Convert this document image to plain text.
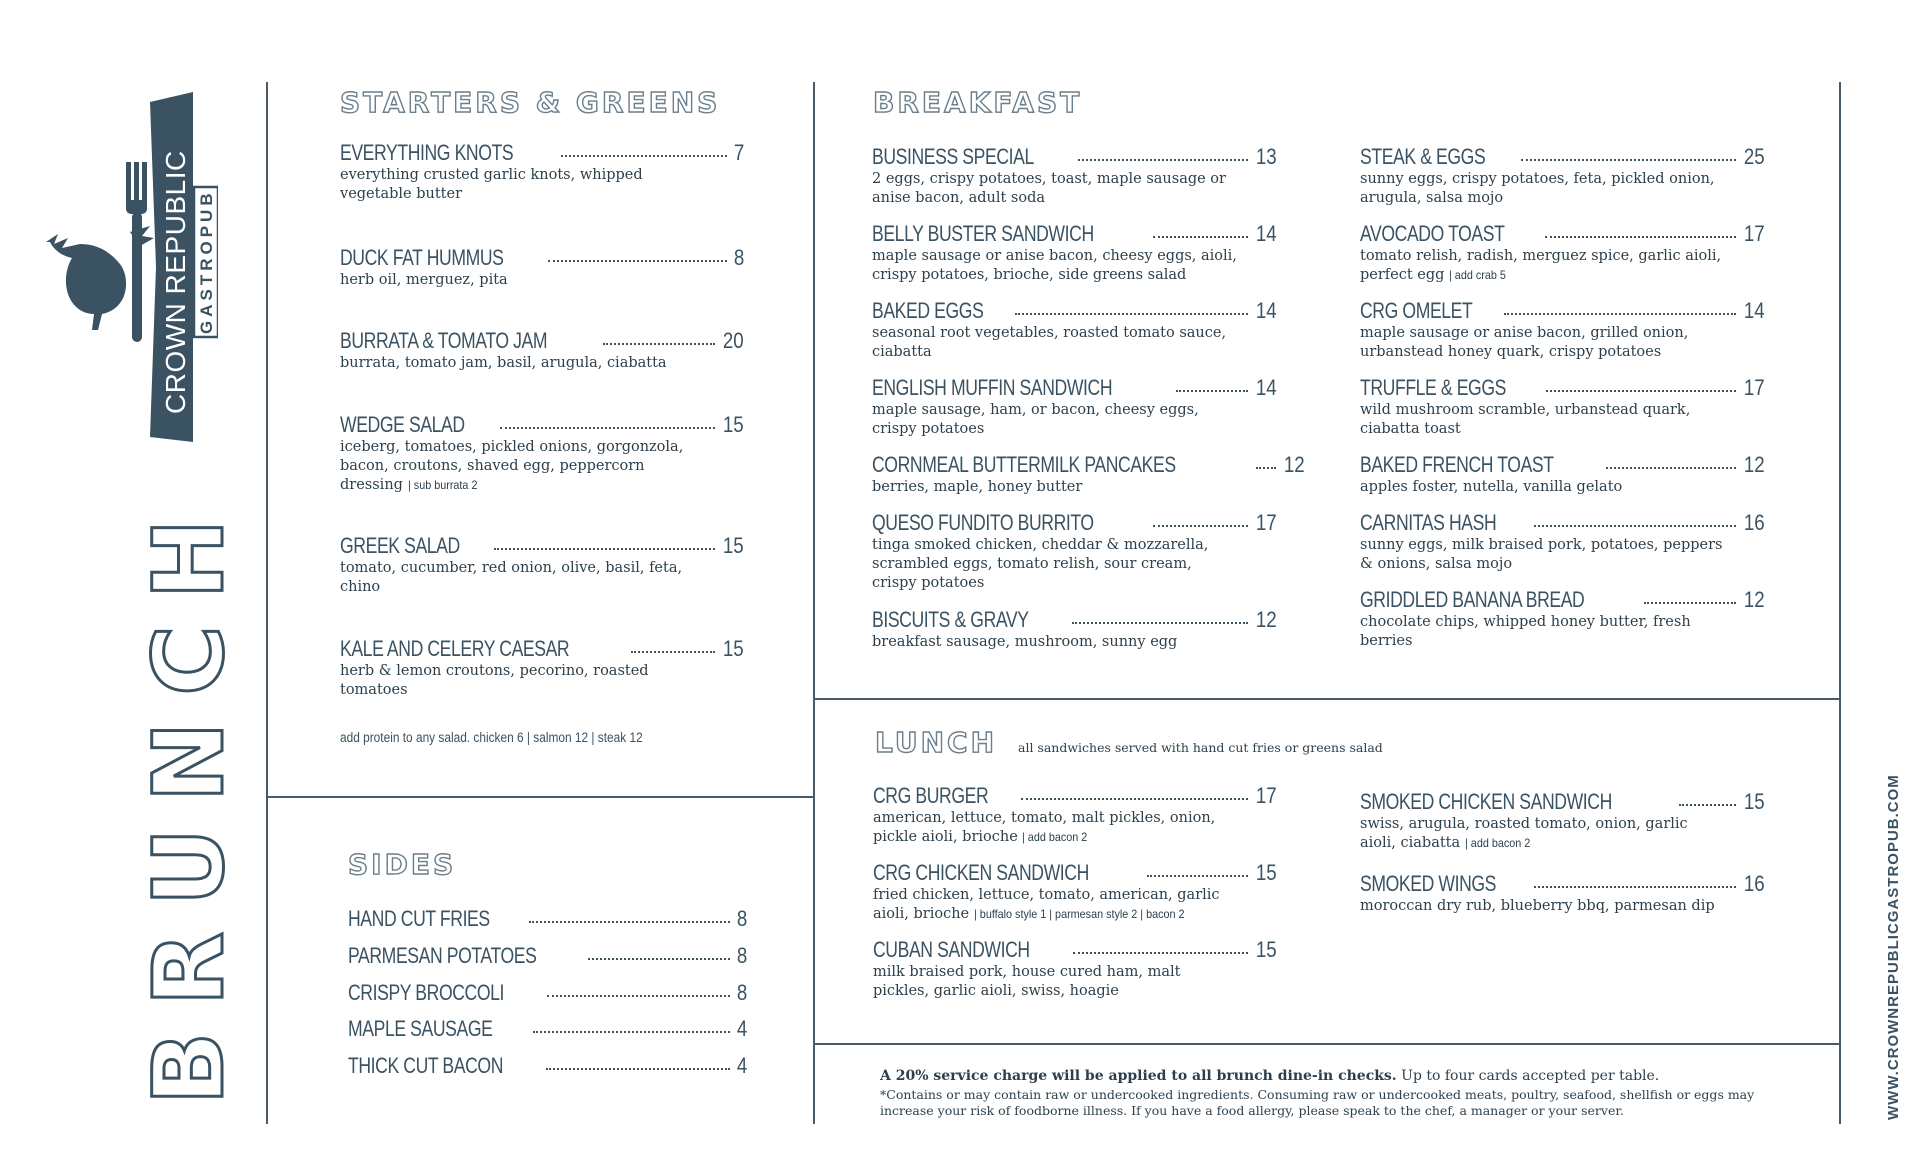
CROWN REPUBLIC GASTROPUB
BRUNCH	WWW.CROWNREPUBLICGASTROPUB.COM
STARTERS & GREENS
EVERYTHING KNOTS	7
everything crusted garlic knots, whipped vegetable butter
DUCK FAT HUMMUS	8
herb oil, merguez, pita
BURRATA & TOMATO JAM	20
burrata, tomato jam, basil, arugula, ciabatta
WEDGE SALAD	15
iceberg, tomatoes, pickled onions, gorgonzola, bacon, croutons, shaved egg, peppercorn dressing | sub burrata 2
GREEK SALAD	15
tomato, cucumber, red onion, olive, basil, feta, chino
KALE AND CELERY CAESAR	15
herb & lemon croutons, pecorino, roasted tomatoes
add protein to any salad. chicken 6 | salmon 12 | steak 12
SIDES
HAND CUT FRIES	8
PARMESAN POTATOES	8
CRISPY BROCCOLI	8
MAPLE SAUSAGE	4
THICK CUT BACON	4
BREAKFAST
BUSINESS SPECIAL	13
2 eggs, crispy potatoes, toast, maple sausage or anise bacon, adult soda
BELLY BUSTER SANDWICH	14
maple sausage or anise bacon, cheesy eggs, aioli, crispy potatoes, brioche, side greens salad
BAKED EGGS	14
seasonal root vegetables, roasted tomato sauce, ciabatta
ENGLISH MUFFIN SANDWICH	14
maple sausage, ham, or bacon, cheesy eggs, crispy potatoes
CORNMEAL BUTTERMILK PANCAKES	12
berries, maple, honey butter
QUESO FUNDITO BURRITO	17
tinga smoked chicken, cheddar & mozzarella, scrambled eggs, tomato relish, sour cream, crispy potatoes
BISCUITS & GRAVY	12
breakfast sausage, mushroom, sunny egg
STEAK & EGGS	25
sunny eggs, crispy potatoes, feta, pickled onion, arugula, salsa mojo
AVOCADO TOAST	17
tomato relish, radish, merguez spice, garlic aioli, perfect egg | add crab 5
CRG OMELET	14
maple sausage or anise bacon, grilled onion, urbanstead honey quark, crispy potatoes
TRUFFLE & EGGS	17
wild mushroom scramble, urbanstead quark, ciabatta toast
BAKED FRENCH TOAST	12
apples foster, nutella, vanilla gelato
CARNITAS HASH	16
sunny eggs, milk braised pork, potatoes, peppers & onions, salsa mojo
GRIDDLED BANANA BREAD	12
chocolate chips, whipped honey butter, fresh berries
LUNCH all sandwiches served with hand cut fries or greens salad
CRG BURGER	17
american, lettuce, tomato, malt pickles, onion, pickle aioli, brioche | add bacon 2
CRG CHICKEN SANDWICH	15
fried chicken, lettuce, tomato, american, garlic aioli, brioche | buffalo style 1 | parmesan style 2 | bacon 2
CUBAN SANDWICH	15
milk braised pork, house cured ham, malt pickles, garlic aioli, swiss, hoagie
SMOKED CHICKEN SANDWICH	15
swiss, arugula, roasted tomato, onion, garlic aioli, ciabatta | add bacon 2
SMOKED WINGS	16
moroccan dry rub, blueberry bbq, parmesan dip
A 20% service charge will be applied to all brunch dine-in checks. Up to four cards accepted per table.
*Contains or may contain raw or undercooked ingredients. Consuming raw or undercooked meats, poultry, seafood, shellfish or eggs may increase your risk of foodborne illness. If you have a food allergy, please speak to the chef, a manager or your server.
